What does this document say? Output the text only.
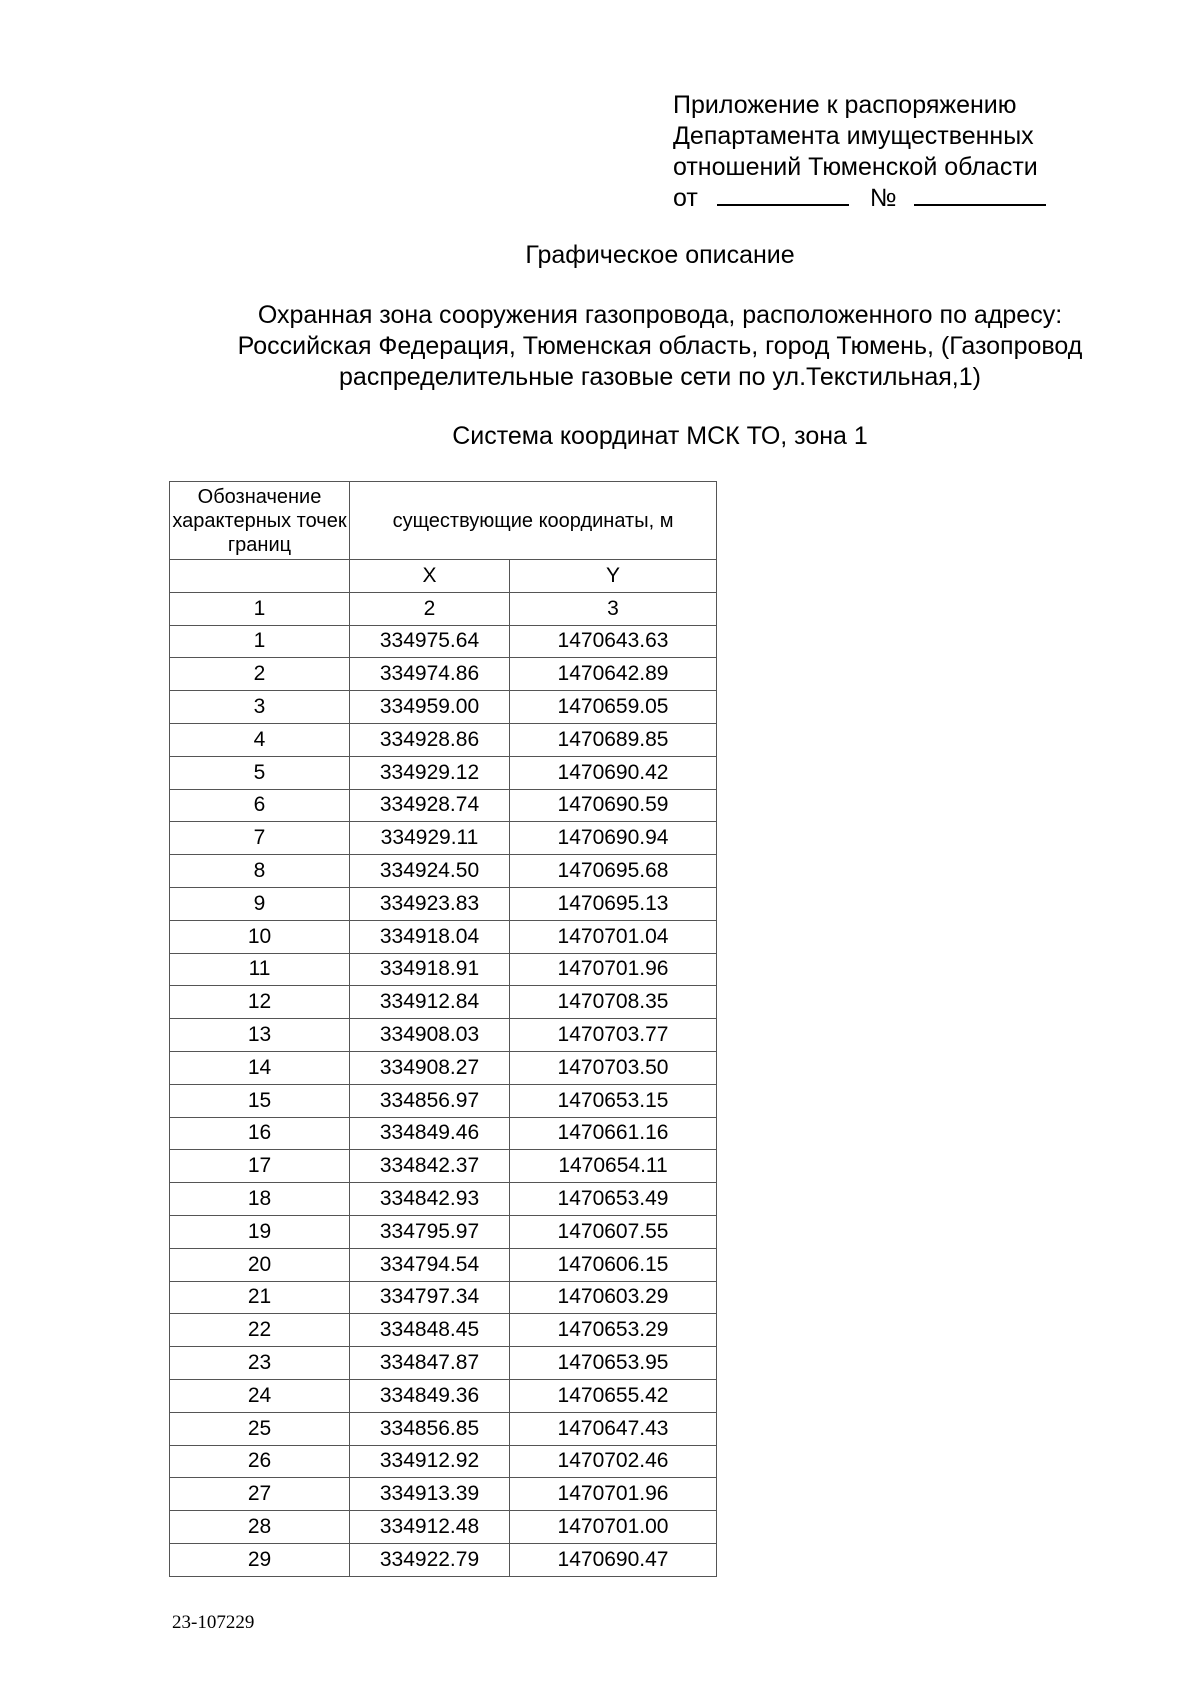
Приложение к распоряжению
Департамента имущественных
отношений Тюменской области
от	№
Графическое описание
Охранная зона сооружения газопровода, расположенного по адресу:
Российская Федерация, Тюменская область, город Тюмень, (Газопровод
распределительные газовые сети по ул.Текстильная,1)
Система координат МСК ТО, зона 1
Обозначение характерных точек границ	существующие координаты, м	
	X	Y
1	2	3
1	334975.64	1470643.63
2	334974.86	1470642.89
3	334959.00	1470659.05
4	334928.86	1470689.85
5	334929.12	1470690.42
6	334928.74	1470690.59
7	334929.11	1470690.94
8	334924.50	1470695.68
9	334923.83	1470695.13
10	334918.04	1470701.04
11	334918.91	1470701.96
12	334912.84	1470708.35
13	334908.03	1470703.77
14	334908.27	1470703.50
15	334856.97	1470653.15
16	334849.46	1470661.16
17	334842.37	1470654.11
18	334842.93	1470653.49
19	334795.97	1470607.55
20	334794.54	1470606.15
21	334797.34	1470603.29
22	334848.45	1470653.29
23	334847.87	1470653.95
24	334849.36	1470655.42
25	334856.85	1470647.43
26	334912.92	1470702.46
27	334913.39	1470701.96
28	334912.48	1470701.00
29	334922.79	1470690.47
23-107229
